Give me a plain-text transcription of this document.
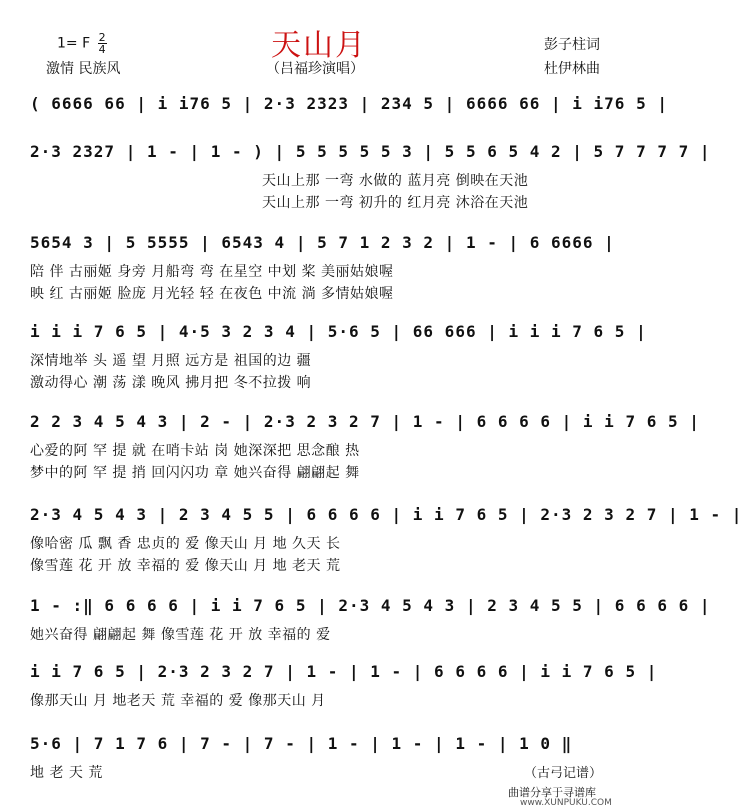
1= F $\frac{2}{4}$	天山月
激情 民族风	（吕福珍演唱）
彭子柱词
杜伊林曲
( 6666 66 | i i76 5 | 2·3 2323 | 234 5 | 6666 66 | i i76 5 |
2·3 2327 | 1 - | 1 - ) | 5 5 5 5 5 3 | 5 5 6 5 4 2 | 5 7 7 7 7 |
天山上那 一弯 水做的 蓝月亮 倒映在天池
天山上那 一弯 初升的 红月亮 沐浴在天池
5654 3 | 5 5555 | 6543 4 | 5 7 1 2 3 2 | 1 - | 6 6666 |
陪 伴 古丽姬 身旁 月船弯 弯 在星空 中划 桨 美丽姑娘喔
映 红 古丽姬 脸庞 月光轻 轻 在夜色 中流 淌 多情姑娘喔
i i i 7 6 5 | 4·5 3 2 3 4 | 5·6 5 | 66 666 | i i i 7 6 5 |
深情地举 头 遥 望 月照 远方是 祖国的边 疆
激动得心 潮 荡 漾 晚风 拂月把 冬不拉拨 响
2 2 3 4 5 4 3 | 2 - | 2·3 2 3 2 7 | 1 - | 6 6 6 6 | i i 7 6 5 |
心爱的阿 罕 提 就 在哨卡站 岗 她深深把 思念酿 热
梦中的阿 罕 提 捎 回闪闪功 章 她兴奋得 翩翩起 舞
2·3 4 5 4 3 | 2 3 4 5 5 | 6 6 6 6 | i i 7 6 5 | 2·3 2 3 2 7 | 1 - |
像哈密 瓜 飘 香 忠贞的 爱 像天山 月 地 久天 长
像雪莲 花 开 放 幸福的 爱 像天山 月 地 老天 荒
1 - :‖ 6 6 6 6 | i i 7 6 5 | 2·3 4 5 4 3 | 2 3 4 5 5 | 6 6 6 6 |
她兴奋得 翩翩起 舞 像雪莲 花 开 放 幸福的 爱
i i 7 6 5 | 2·3 2 3 2 7 | 1 - | 1 - | 6 6 6 6 | i i 7 6 5 |
像那天山 月 地老天 荒 幸福的 爱 像那天山 月
5·6 | 7 1 7 6 | 7 - | 7 - | 1 - | 1 - | 1 - | 1 0 ‖
地 老 天 荒	（古弓记谱）
曲谱分享于寻谱库
www.XUNPUKU.COM
